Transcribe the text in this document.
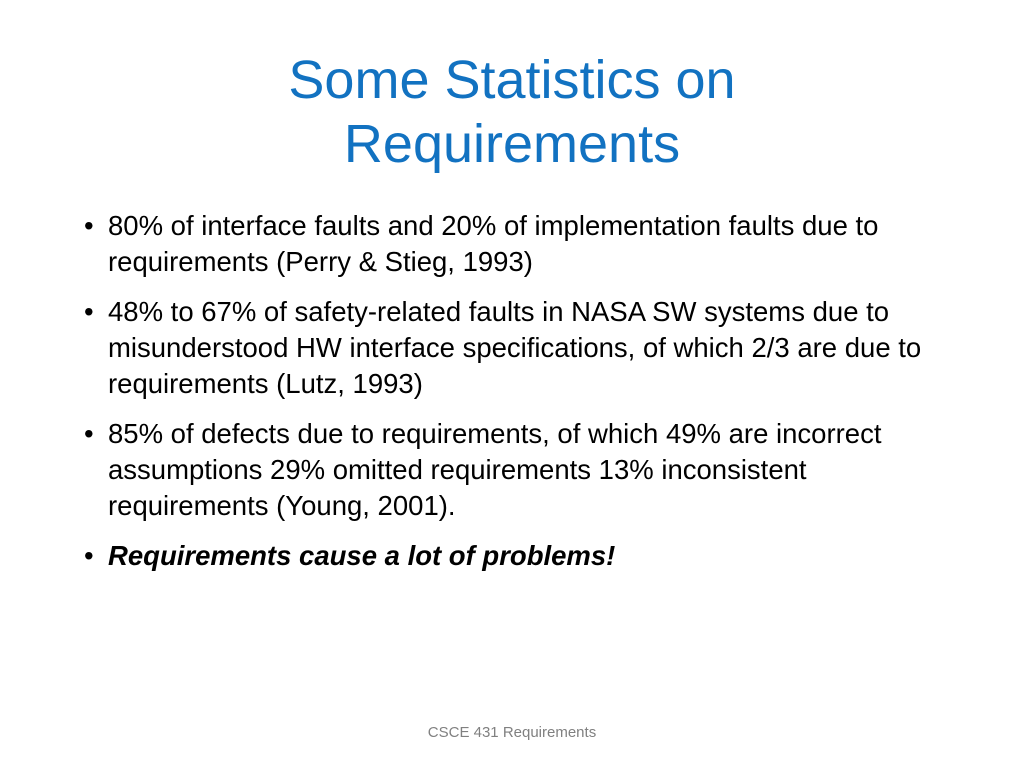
Some Statistics on
Requirements
• 80% of interface faults and 20% of implementation faults due to requirements (Perry & Stieg, 1993)
• 48% to 67% of safety-related faults in NASA SW systems due to misunderstood HW interface specifications, of which 2/3 are due to requirements (Lutz, 1993)
• 85% of defects due to requirements, of which 49% are incorrect assumptions 29% omitted requirements 13% inconsistent requirements (Young, 2001).
• Requirements cause a lot of problems!
CSCE 431 Requirements
